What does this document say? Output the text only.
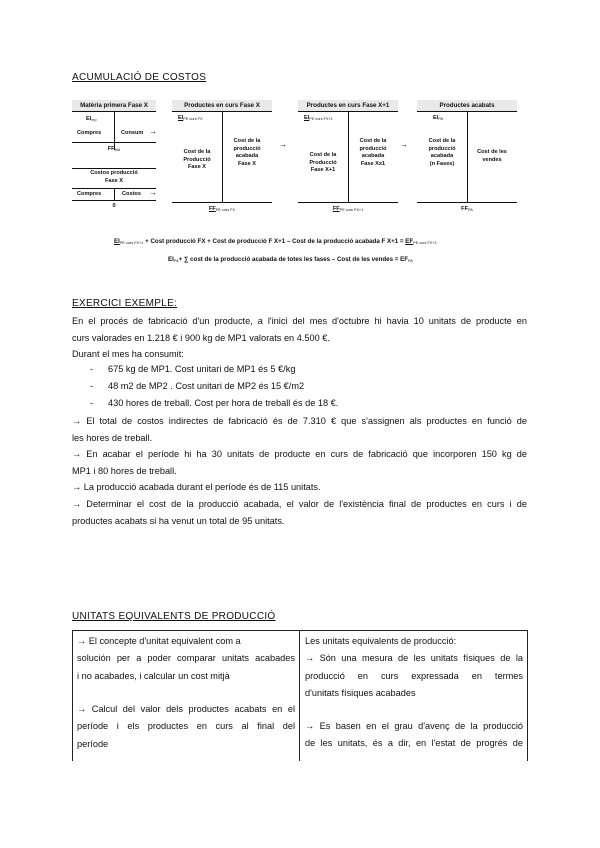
ACUMULACIÓ DE COSTOS
Matèria primera Fase X
$EI_{mp}$
Compres	Consum →
$FF_{MA}$
Costos producció
Fase X
Compres	Costos →
0
Productes en curs Fase X
$EI_{PE curs FX}$
Cost de la
Producció
Fase X
Cost de la
producció
acabada
Fase X
$FF_{PE curs FX}$
→
Productes en curs Fase X+1
$EI_{PE curs FX+1}$
Cost de la
Producció
Fase X+1
Cost de la
producció
acabada
Fase Xx1
$FF_{PE curs FX+1}$
→
Productes acabats
$EI_{PA}$
Cost de la
producció
acabada
(n Fases)
Cost de les
vendes
$FF_{PA}$
$EI_{PE curs FX+1}$ + Cost producció FX + Cost de producció F X+1 – Cost de la producció acabada F $X+1 = EF_{PE curs FX+1}$
$EI_{PA}+$ ∑ cost de la producció acabada de totes les fases – Cost de les vendes = $EF_{PA}$
EXERCICI EXEMPLE:
En el procés de fabricació d'un producte, a l'inici del mes d'octubre hi havia 10 unitats de producte en
curs valorades en 1.218 € i 900 kg de MP1 valorats en 4.500 €.
Durant el mes ha consumit:
- 675 kg de MP1. Cost unitari de MP1 és 5 €/kg
- 48 m2 de MP2 . Cost unitari de MP2 és 15 €/m2
- 430 hores de treball. Cost per hora de treball és de 18 €.
→ El total de costos indirectes de fabricació és de 7.310 € que s'assignen als productes en funció de
les hores de treball.
→ En acabar el període hi ha 30 unitats de producte en curs de fabricació que incorporen 150 kg de
MP1 i 80 hores de treball.
→ La producció acabada durant el període és de 115 unitats.
→ Determinar el cost de la producció acabada, el valor de l'existència final de productes en curs i de
productes acabats si ha venut un total de 95 unitats.
UNITATS EQUIVALENTS DE PRODUCCIÓ
→ El concepte d'unitat equivalent com a
solución per a poder comparar unitats acabades
i no acabades, i calcular un cost mitjà
→ Calcul del valor dels productes acabats en el
període i els productes en curs al final del
període
Les unitats equivalents de producció:
→ Són una mesura de les unitats físiques de la
producció en curs expressada en termes
d'unitats físiques acabades
→ Es basen en el grau d'avenç de la producció
de les unitats, és a dir, en l'estat de progrés de
